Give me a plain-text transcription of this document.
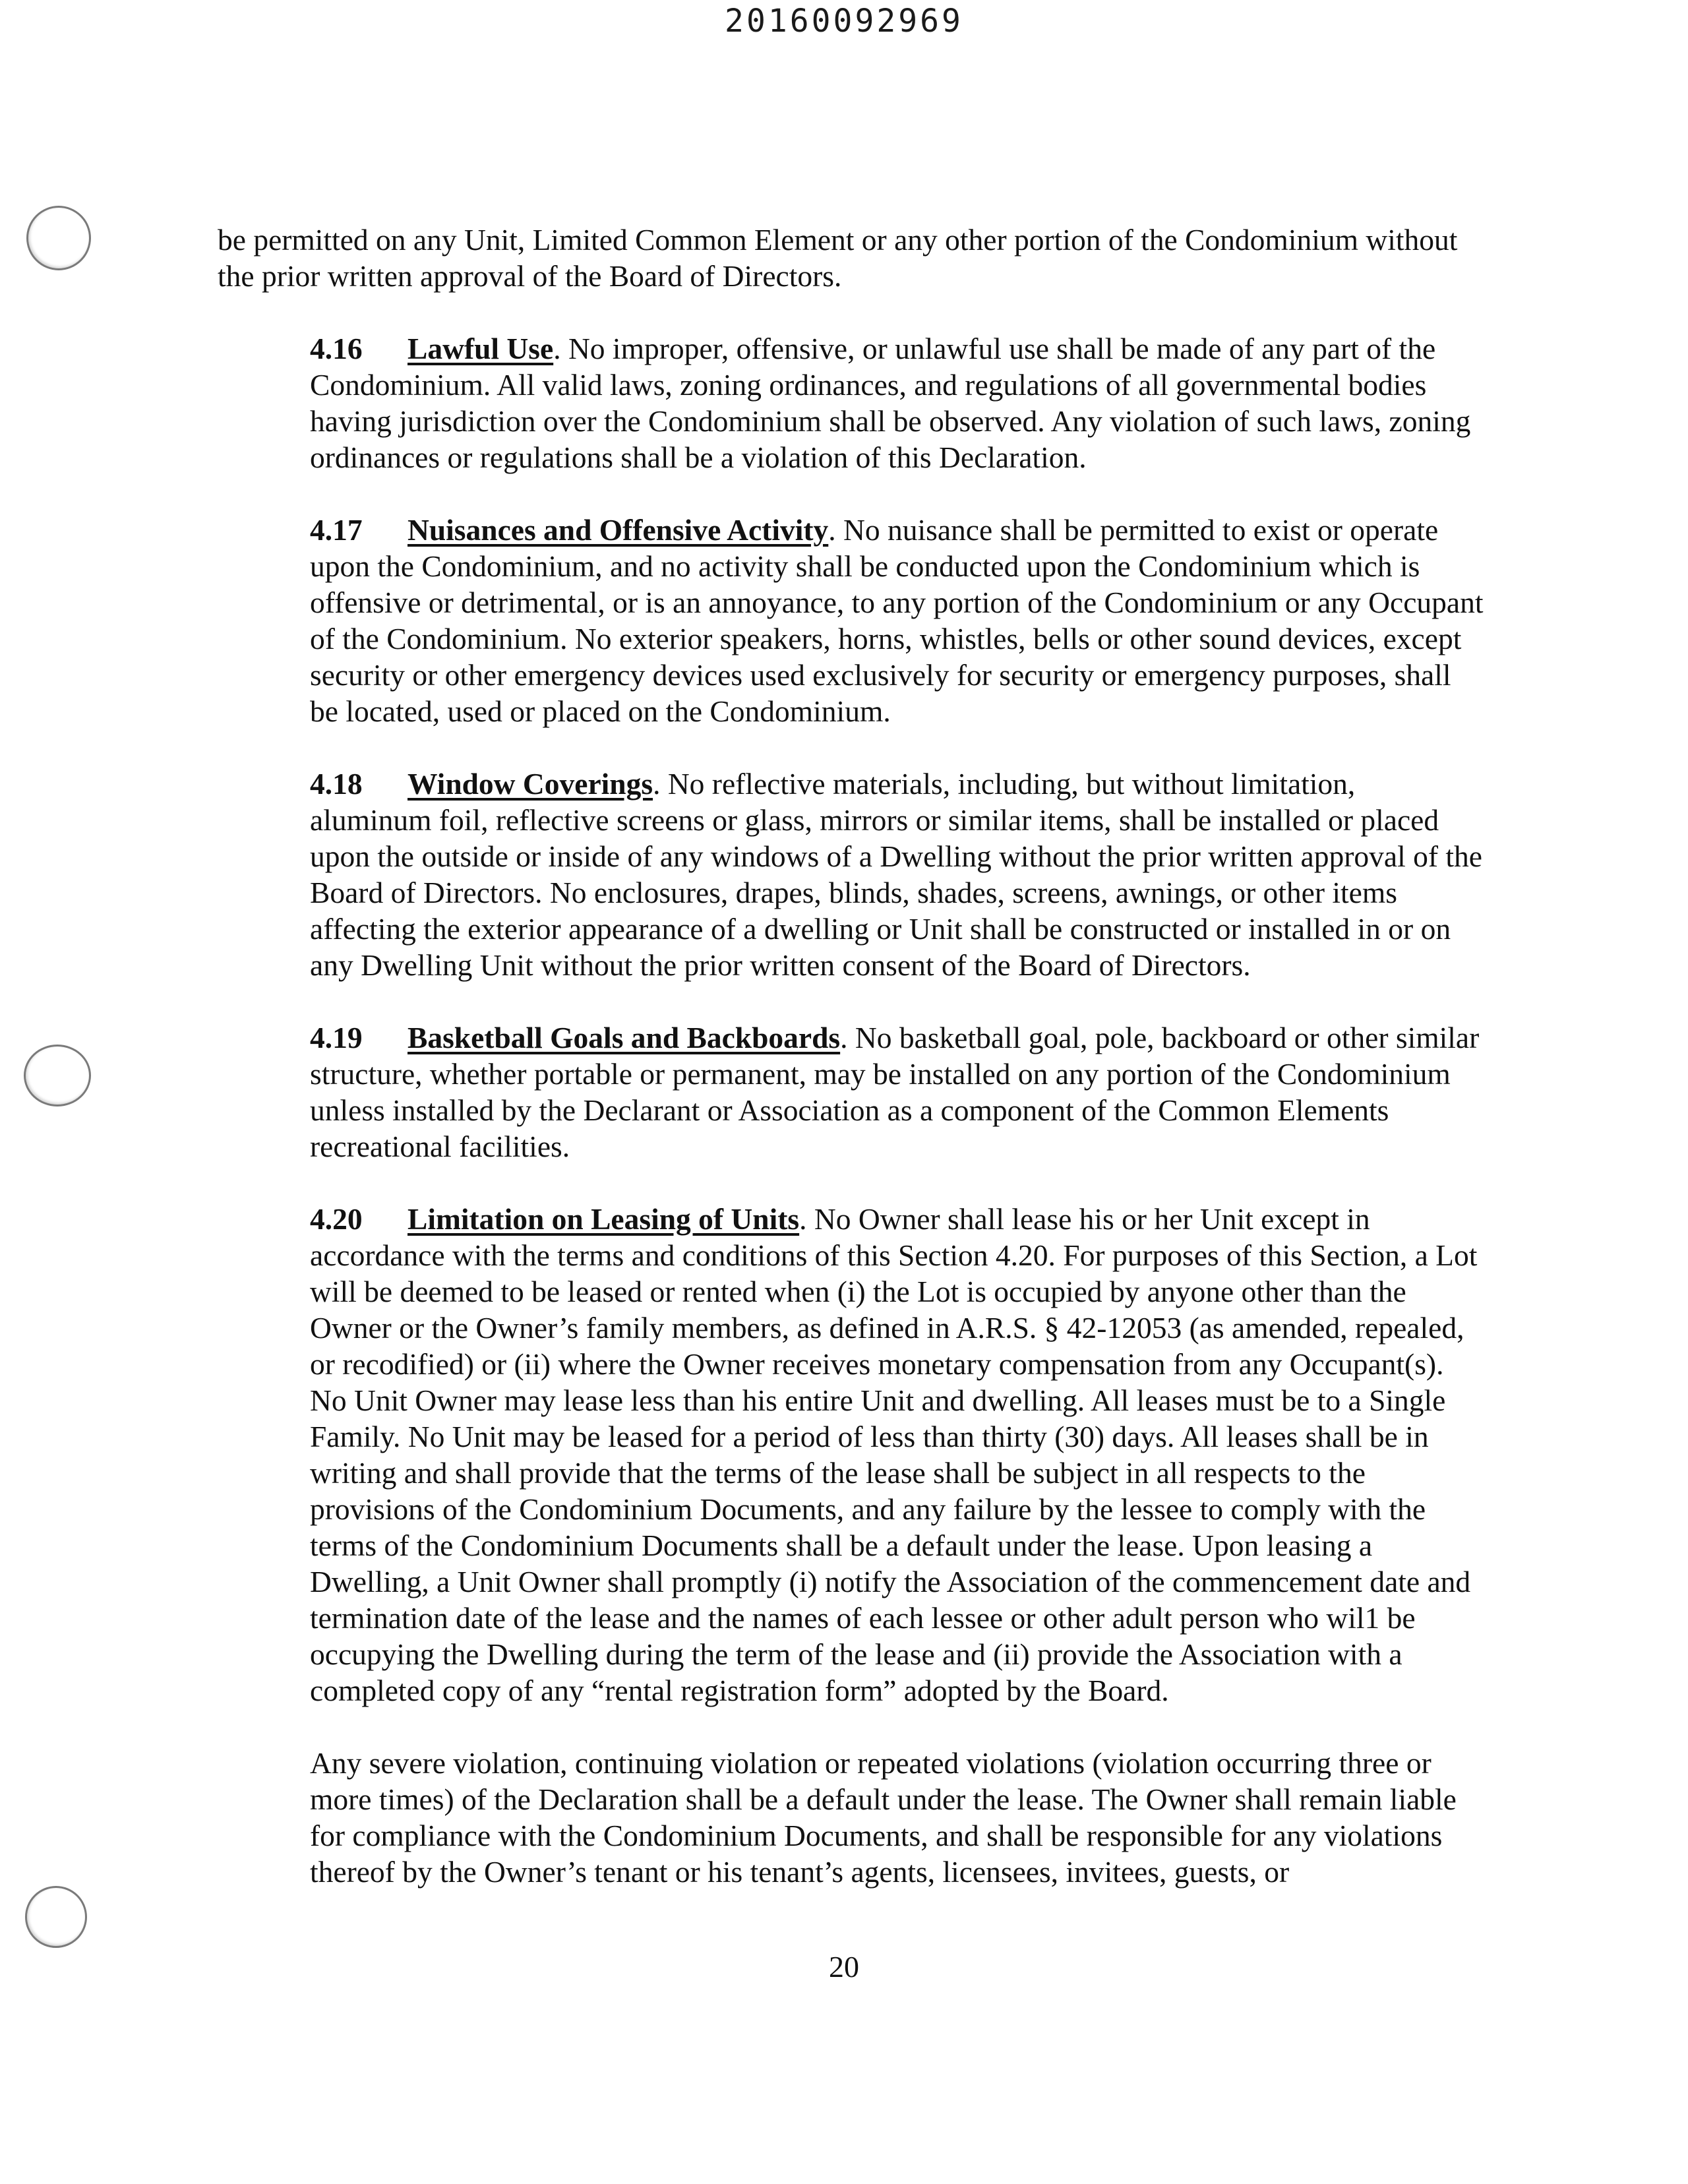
20160092969

be permitted on any Unit, Limited Common Element or any other portion of the Condominium without the prior written approval of the Board of Directors.

4.16 Lawful Use. No improper, offensive, or unlawful use shall be made of any part of the Condominium. All valid laws, zoning ordinances, and regulations of all governmental bodies having jurisdiction over the Condominium shall be observed. Any violation of such laws, zoning ordinances or regulations shall be a violation of this Declaration.

4.17 Nuisances and Offensive Activity. No nuisance shall be permitted to exist or operate upon the Condominium, and no activity shall be conducted upon the Condominium which is offensive or detrimental, or is an annoyance, to any portion of the Condominium or any Occupant of the Condominium. No exterior speakers, horns, whistles, bells or other sound devices, except security or other emergency devices used exclusively for security or emergency purposes, shall be located, used or placed on the Condominium.

4.18 Window Coverings. No reflective materials, including, but without limitation, aluminum foil, reflective screens or glass, mirrors or similar items, shall be installed or placed upon the outside or inside of any windows of a Dwelling without the prior written approval of the Board of Directors. No enclosures, drapes, blinds, shades, screens, awnings, or other items affecting the exterior appearance of a dwelling or Unit shall be constructed or installed in or on any Dwelling Unit without the prior written consent of the Board of Directors.

4.19 Basketball Goals and Backboards. No basketball goal, pole, backboard or other similar structure, whether portable or permanent, may be installed on any portion of the Condominium unless installed by the Declarant or Association as a component of the Common Elements recreational facilities.

4.20 Limitation on Leasing of Units. No Owner shall lease his or her Unit except in accordance with the terms and conditions of this Section 4.20. For purposes of this Section, a Lot will be deemed to be leased or rented when (i) the Lot is occupied by anyone other than the Owner or the Owner’s family members, as defined in A.R.S. § 42-12053 (as amended, repealed, or recodified) or (ii) where the Owner receives monetary compensation from any Occupant(s). No Unit Owner may lease less than his entire Unit and dwelling. All leases must be to a Single Family. No Unit may be leased for a period of less than thirty (30) days. All leases shall be in writing and shall provide that the terms of the lease shall be subject in all respects to the provisions of the Condominium Documents, and any failure by the lessee to comply with the terms of the Condominium Documents shall be a default under the lease. Upon leasing a Dwelling, a Unit Owner shall promptly (i) notify the Association of the commencement date and termination date of the lease and the names of each lessee or other adult person who wil1 be occupying the Dwelling during the term of the lease and (ii) provide the Association with a completed copy of any “rental registration form” adopted by the Board.

Any severe violation, continuing violation or repeated violations (violation occurring three or more times) of the Declaration shall be a default under the lease. The Owner shall remain liable for compliance with the Condominium Documents, and shall be responsible for any violations thereof by the Owner’s tenant or his tenant’s agents, licensees, invitees, guests, or

20
